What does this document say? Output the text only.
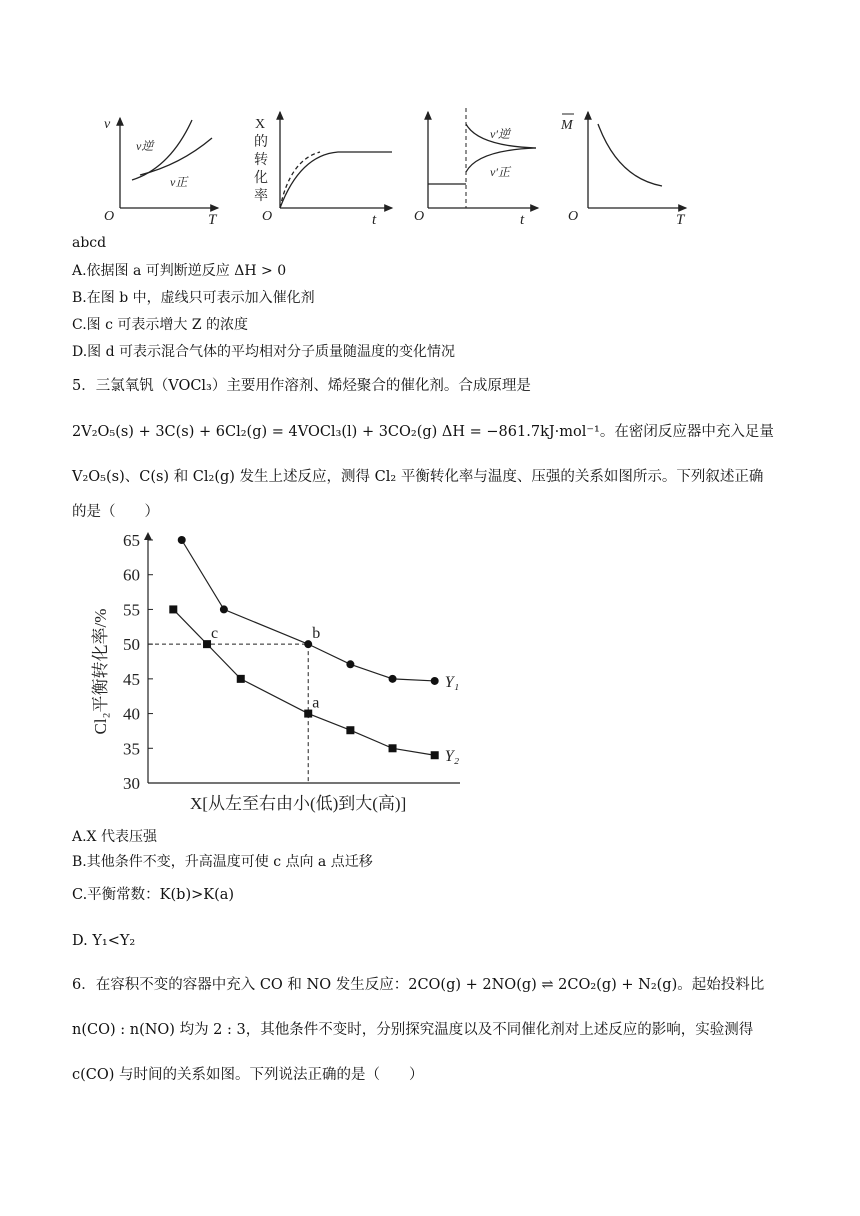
v
T
O
v逆
v正
X
的
转
化
率
t
O
v′逆
v′正
t
O
M
T
O
abcd
A.依据图 a 可判断逆反应 ΔH > 0
B.在图 b 中，虚线只可表示加入催化剂
C.图 c 可表示增大 Z 的浓度
D.图 d 可表示混合气体的平均相对分子质量随温度的变化情况
5．三氯氧钒（VOCl₃）主要用作溶剂、烯烃聚合的催化剂。合成原理是
2V₂O₅(s) + 3C(s) + 6Cl₂(g) = 4VOCl₃(l) + 3CO₂(g) ΔH = −861.7kJ·mol⁻¹。在密闭反应器中充入足量
V₂O₅(s)、C(s) 和 Cl₂(g) 发生上述反应，测得 Cl₂ 平衡转化率与温度、压强的关系如图所示。下列叙述正确
的是（　　）
30
35
40
45
50
55
60
65
Cl₂平衡转化率/%
X[从左至右由小(低)到大(高)]
Y₁
Y₂
c	b
a
A.X 代表压强
B.其他条件不变，升高温度可使 c 点向 a 点迁移
C.平衡常数：K(b)>K(a)
D. Y₁<Y₂
6．在容积不变的容器中充入 CO 和 NO 发生反应：2CO(g) + 2NO(g) ⇌ 2CO₂(g) + N₂(g)。起始投料比
n(CO) : n(NO) 均为 2 : 3，其他条件不变时，分别探究温度以及不同催化剂对上述反应的影响，实验测得
c(CO) 与时间的关系如图。下列说法正确的是（　　）
